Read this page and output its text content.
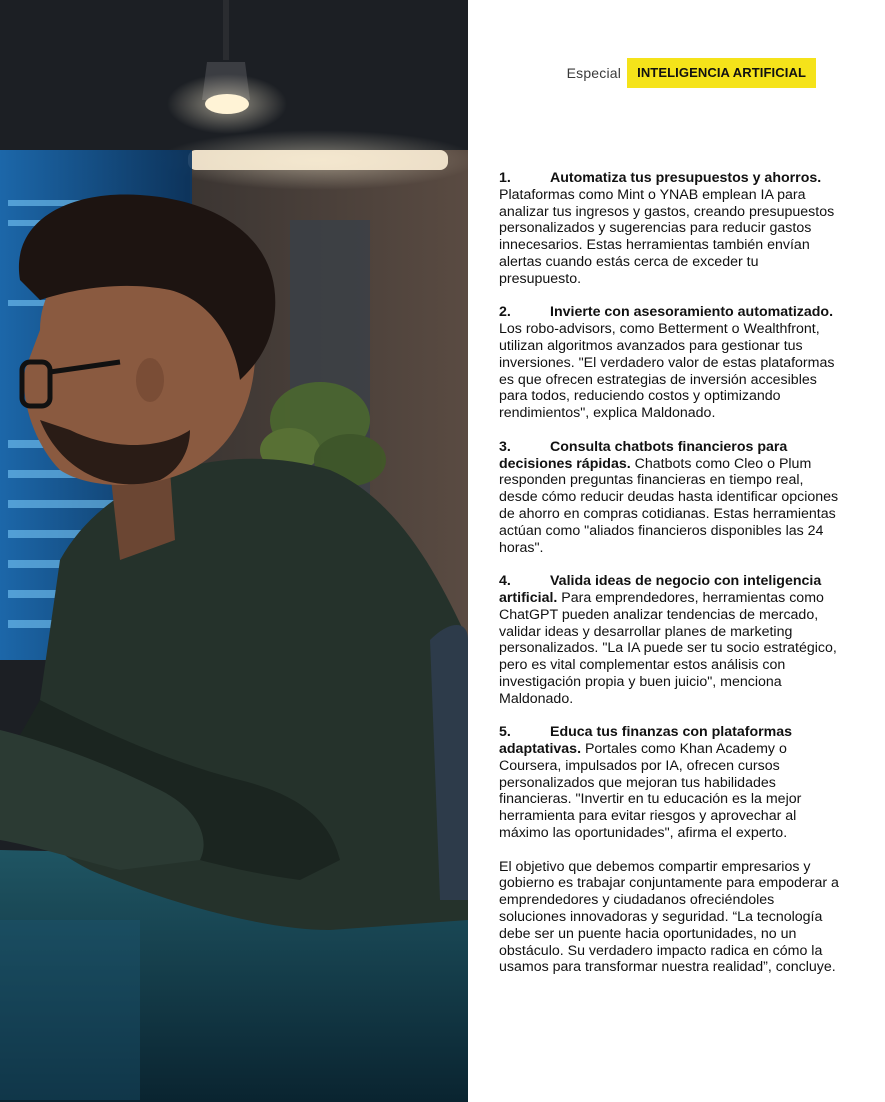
Especial	INTELIGENCIA ARTIFICIAL

1.	Automatiza tus presupuestos y ahorros. Plataformas como Mint o YNAB emplean IA para analizar tus ingresos y gastos, creando presupuestos personalizados y sugerencias para reducir gastos innecesarios. Estas herramientas también envían alertas cuando estás cerca de exceder tu presupuesto.

2.	Invierte con asesoramiento automatizado. Los robo-advisors, como Betterment o Wealthfront, utilizan algoritmos avanzados para gestionar tus inversiones. "El verdadero valor de estas plataformas es que ofrecen estrategias de inversión accesibles para todos, reduciendo costos y optimizando rendimientos", explica Maldonado.

3.	Consulta chatbots financieros para decisiones rápidas. Chatbots como Cleo o Plum responden preguntas financieras en tiempo real, desde cómo reducir deudas hasta identificar opciones de ahorro en compras cotidianas. Estas herramientas actúan como "aliados financieros disponibles las 24 horas".

4.	Valida ideas de negocio con inteligencia artificial. Para emprendedores, herramientas como ChatGPT pueden analizar tendencias de mercado, validar ideas y desarrollar planes de marketing personalizados. "La IA puede ser tu socio estratégico, pero es vital complementar estos análisis con investigación propia y buen juicio", menciona Maldonado.

5.	Educa tus finanzas con plataformas adaptativas. Portales como Khan Academy o Coursera, impulsados por IA, ofrecen cursos personalizados que mejoran tus habilidades financieras. "Invertir en tu educación es la mejor herramienta para evitar riesgos y aprovechar al máximo las oportunidades", afirma el experto.

El objetivo que debemos compartir empresarios y gobierno es trabajar conjuntamente para empoderar a emprendedores y ciudadanos ofreciéndoles soluciones innovadoras y seguridad. “La tecnología debe ser un puente hacia oportunidades, no un obstáculo. Su verdadero impacto radica en cómo la usamos para transformar nuestra realidad”, concluye.
